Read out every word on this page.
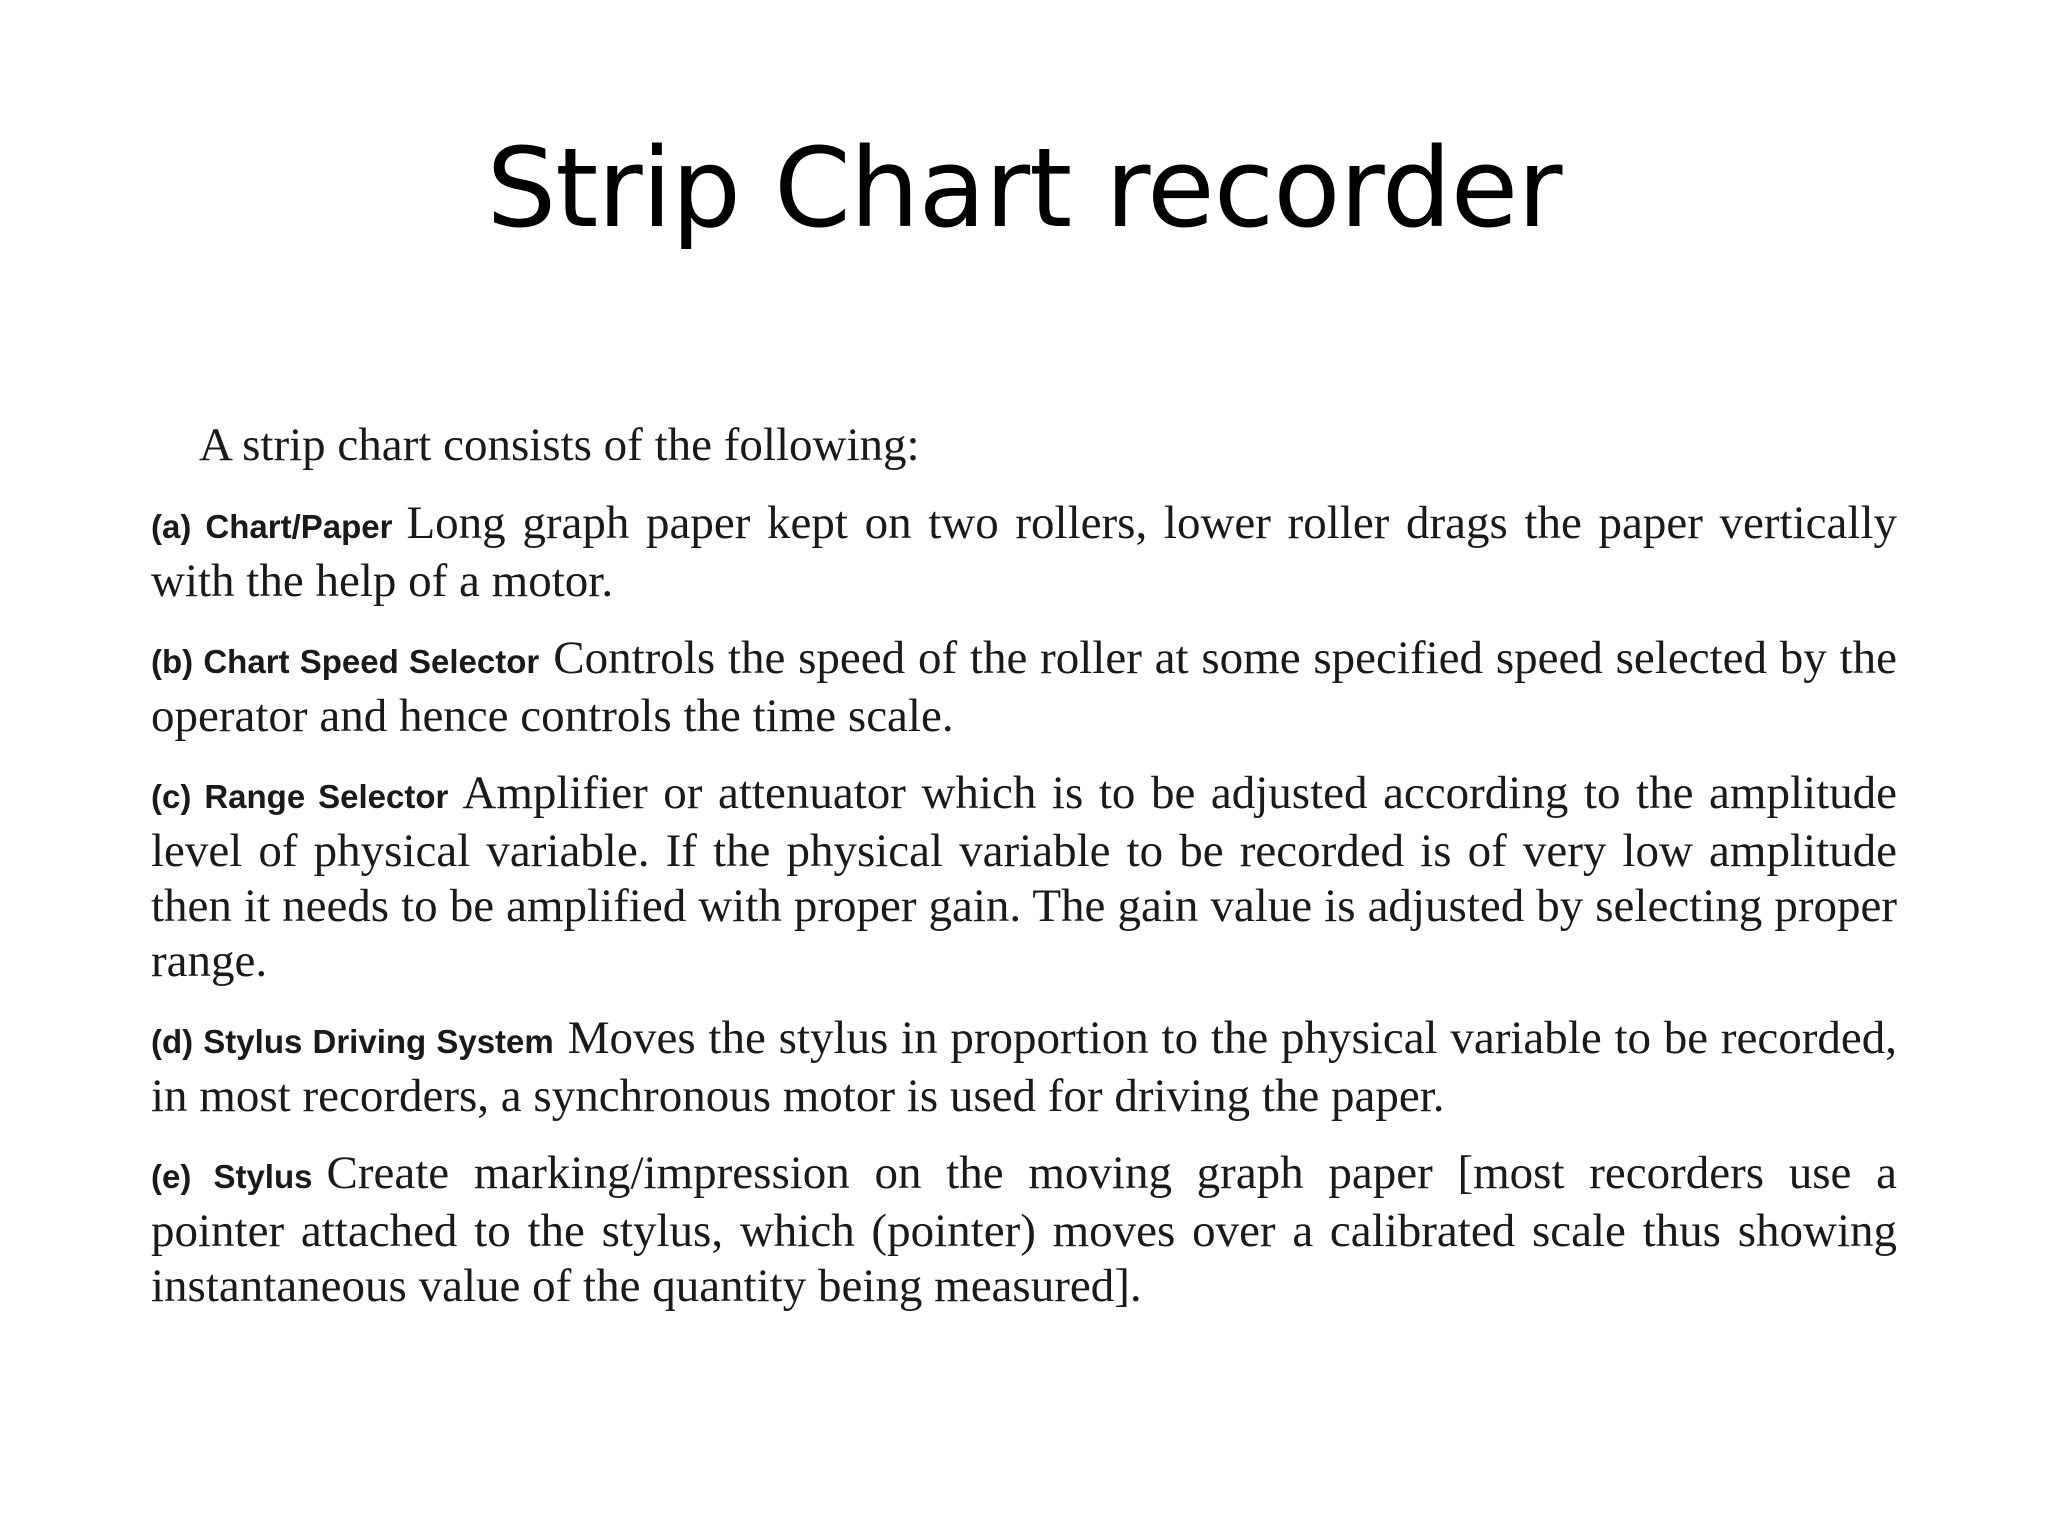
Strip Chart recorder

A strip chart consists of the following:

(a) Chart/Paper Long graph paper kept on two rollers, lower roller drags the paper vertically with the help of a motor.

(b) Chart Speed Selector Controls the speed of the roller at some specified speed selected by the operator and hence controls the time scale.

(c) Range Selector Amplifier or attenuator which is to be adjusted according to the amplitude level of physical variable. If the physical variable to be recorded is of very low amplitude then it needs to be amplified with proper gain. The gain value is adjusted by selecting proper range.

(d) Stylus Driving System Moves the stylus in proportion to the physical variable to be recorded, in most recorders, a synchronous motor is used for driving the paper.

(e) Stylus Create marking/impression on the moving graph paper [most recorders use a pointer attached to the stylus, which (pointer) moves over a calibrated scale thus showing instantaneous value of the quantity being measured].
